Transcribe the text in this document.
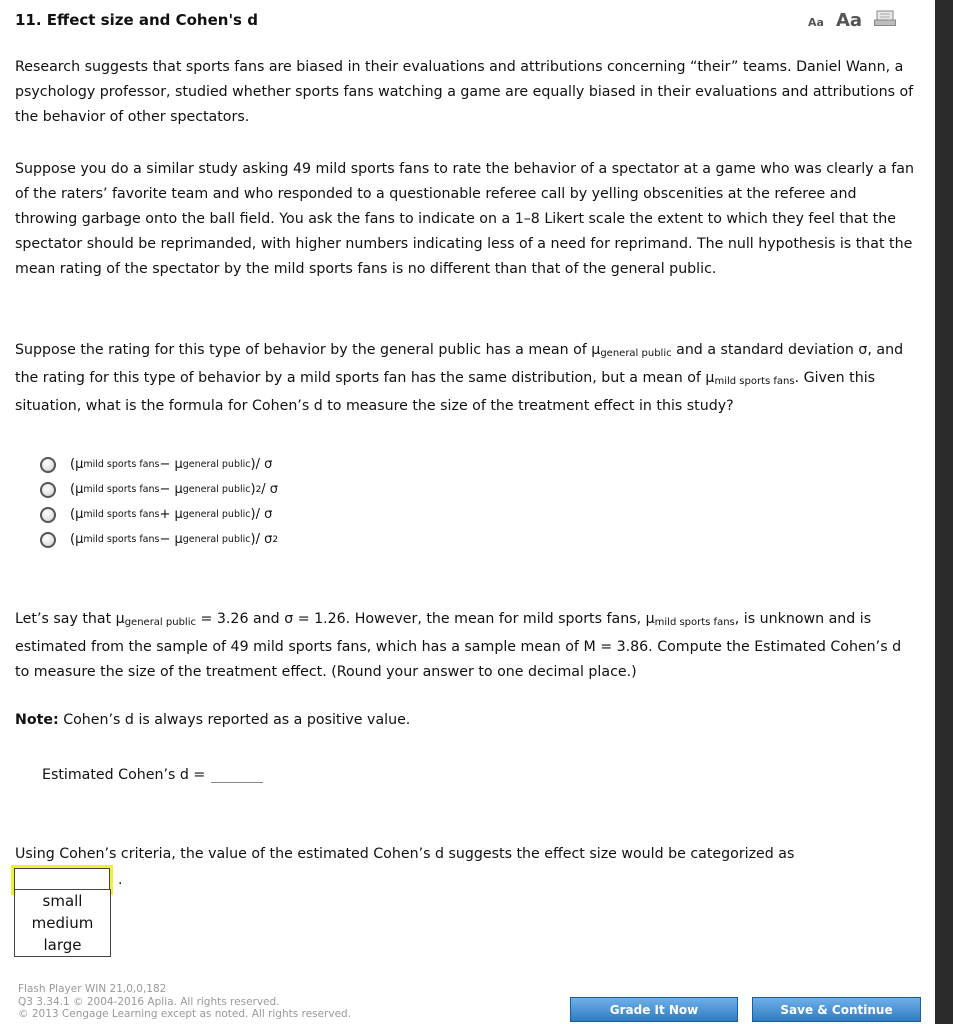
11. Effect size and Cohen's d	Aa Aa
Research suggests that sports fans are biased in their evaluations and attributions concerning “their” teams. Daniel Wann, a psychology professor, studied whether sports fans watching a game are equally biased in their evaluations and attributions of the behavior of other spectators.
Suppose you do a similar study asking 49 mild sports fans to rate the behavior of a spectator at a game who was clearly a fan of the raters’ favorite team and who responded to a questionable referee call by yelling obscenities at the referee and throwing garbage onto the ball field. You ask the fans to indicate on a 1–8 Likert scale the extent to which they feel that the spectator should be reprimanded, with higher numbers indicating less of a need for reprimand. The null hypothesis is that the mean rating of the spectator by the mild sports fans is no different than that of the general public.
Suppose the rating for this type of behavior by the general public has a mean of $\mu_{general public}$ and a standard deviation σ, and the rating for this type of behavior by a mild sports fan has the same distribution, but a mean of $\mu_{mild sports fans}$. Given this situation, what is the formula for Cohen’s d to measure the size of the treatment effect in this study?
(μ mild sports fans − μ general public ) / σ
(μ mild sports fans − μ general public ) 2 / σ
(μ mild sports fans + μ general public ) / σ
(μ mild sports fans − μ general public ) / σ 2
Let’s say that $\mu_{general public} = 3.26$ and σ = 1.26. However, the mean for mild sports fans, $\mu_{mild sports fans}$, is unknown and is estimated from the sample of 49 mild sports fans, which has a sample mean of M = 3.86. Compute the Estimated Cohen’s d to measure the size of the treatment effect. (Round your answer to one decimal place.)
Note: Cohen’s d is always reported as a positive value.
Estimated Cohen’s d =
Using Cohen’s criteria, the value of the estimated Cohen’s d suggests the effect size would be categorized as
.
small
medium
large
Flash Player WIN 21,0,0,182
Q3 3.34.1 © 2004-2016 Aplia. All rights reserved.
© 2013 Cengage Learning except as noted. All rights reserved.	Grade It Now	Save & Continue
